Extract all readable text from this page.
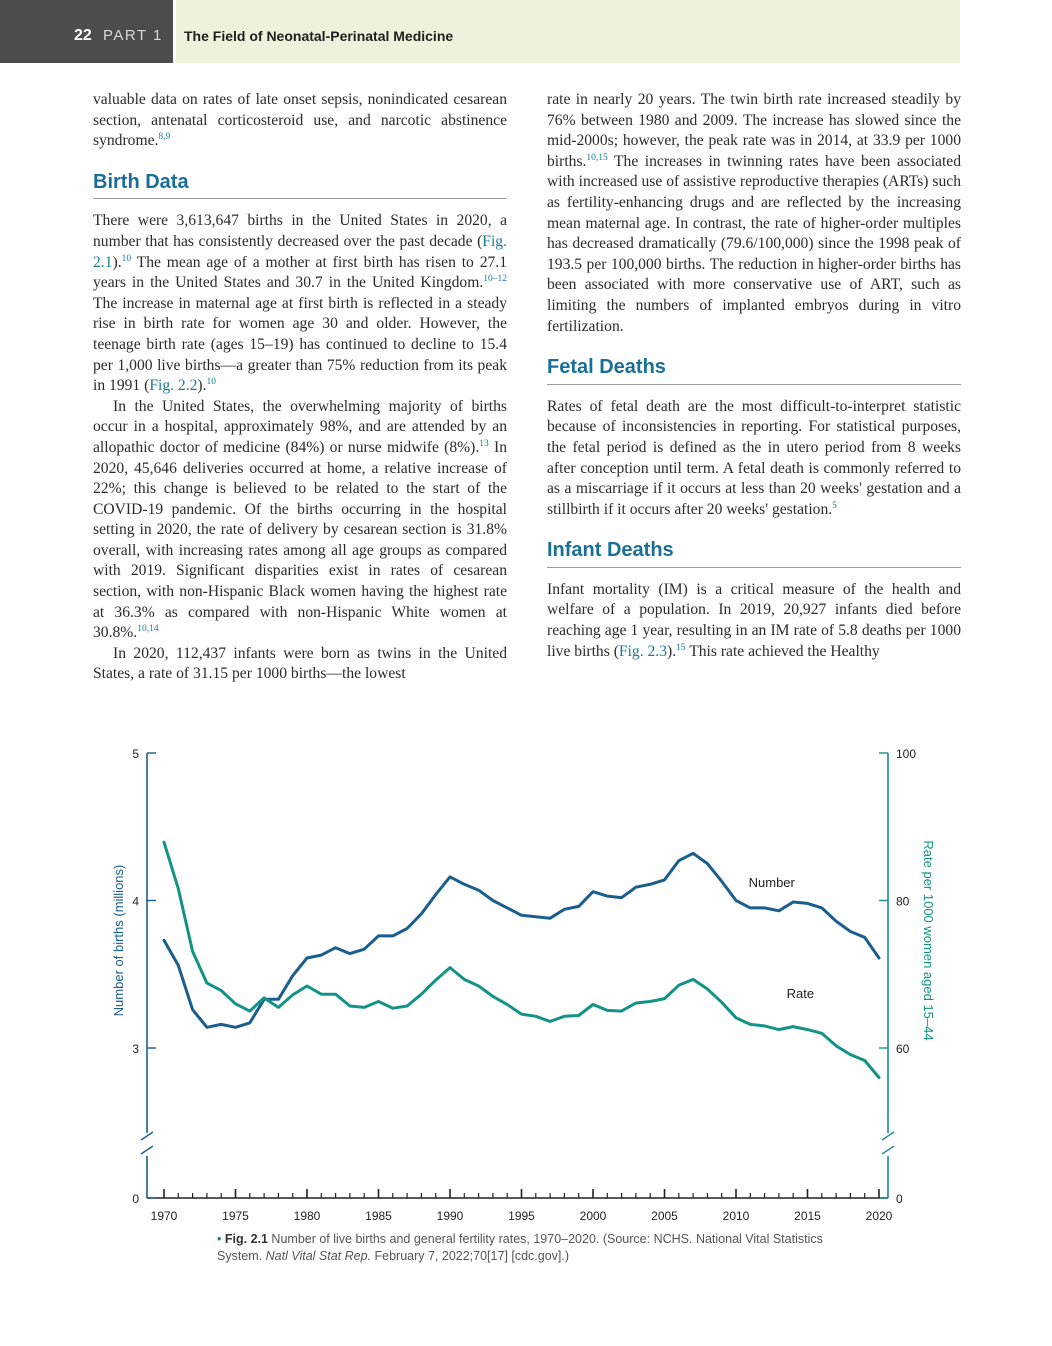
22 PART 1 The Field of Neonatal-Perinatal Medicine

valuable data on rates of late onset sepsis, nonindicated cesarean section, antenatal corticosteroid use, and narcotic abstinence syndrome.$^{8,9}$

Birth Data

There were 3,613,647 births in the United States in 2020, a number that has consistently decreased over the past decade (Fig. 2.1).$^{10}$ The mean age of a mother at first birth has risen to 27.1 years in the United States and 30.7 in the United Kingdom.$^{10-12}$ The increase in maternal age at first birth is reflected in a steady rise in birth rate for women age 30 and older. However, the teenage birth rate (ages 15–19) has continued to decline to 15.4 per 1,000 live births—a greater than 75% reduction from its peak in 1991 (Fig. 2.2).$^{10}$

In the United States, the overwhelming majority of births occur in a hospital, approximately 98%, and are attended by an allopathic doctor of medicine (84%) or nurse midwife (8%).$^{13}$ In 2020, 45,646 deliveries occurred at home, a relative increase of 22%; this change is believed to be related to the start of the COVID-19 pandemic. Of the births occurring in the hospital setting in 2020, the rate of delivery by cesarean section is 31.8% overall, with increasing rates among all age groups as compared with 2019. Significant disparities exist in rates of cesarean section, with non-Hispanic Black women having the highest rate at 36.3% as compared with non-Hispanic White women at 30.8%.$^{10,14}$

In 2020, 112,437 infants were born as twins in the United States, a rate of 31.15 per 1000 births—the lowest

rate in nearly 20 years. The twin birth rate increased steadily by 76% between 1980 and 2009. The increase has slowed since the mid-2000s; however, the peak rate was in 2014, at 33.9 per 1000 births.$^{10,15}$ The increases in twinning rates have been associated with increased use of assistive reproductive therapies (ARTs) such as fertility-enhancing drugs and are reflected by the increasing mean maternal age. In contrast, the rate of higher-order multiples has decreased dramatically (79.6/100,000) since the 1998 peak of 193.5 per 100,000 births. The reduction in higher-order births has been associated with more conservative use of ART, such as limiting the numbers of implanted embryos during in vitro fertilization.

Fetal Deaths

Rates of fetal death are the most difficult-to-interpret statistic because of inconsistencies in reporting. For statistical purposes, the fetal period is defined as the in utero period from 8 weeks after conception until term. A fetal death is commonly referred to as a miscarriage if it occurs at less than 20 weeks' gestation and a stillbirth if it occurs after 20 weeks' gestation.$^5$

Infant Deaths

Infant mortality (IM) is a critical measure of the health and welfare of a population. In 2019, 20,927 infants died before reaching age 1 year, resulting in an IM rate of 5.8 deaths per 1000 live births (Fig. 2.3).$^{15}$ This rate achieved the Healthy

0
3
4
5
0
60
80
100
1970	1975	1980	1985	1990	1995	2000	2005	2010	2015	2020
Number of births (millions)	Rate per 1000 women aged 15–44
Number
Rate
• Fig. 2.1 Number of live births and general fertility rates, 1970–2020. (Source: NCHS. National Vital Statistics System. Natl Vital Stat Rep. February 7, 2022;70[17] [cdc.gov].)
